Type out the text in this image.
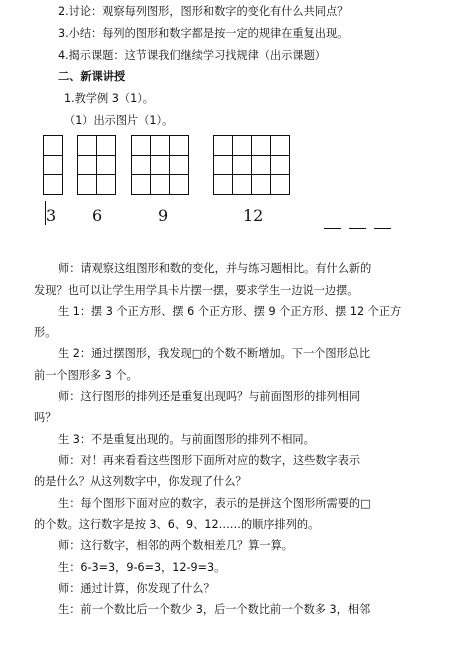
2.讨论：观察每列图形，图形和数字的变化有什么共同点？
3.小结：每列的图形和数字都是按一定的规律在重复出现。
4.揭示课题：这节课我们继续学习找规律（出示课题）
二、新课讲授
1.教学例 3（1）。
（1）出示图片（1）。
3 6	9	12
师：请观察这组图形和数的变化，并与练习题相比。有什么新的
发现？也可以让学生用学具卡片摆一摆，要求学生一边说一边摆。
生 1：摆 3 个正方形、摆 6 个正方形、摆 9 个正方形、摆 12 个正方
形。
生 2：通过摆图形，我发现□的个数不断增加。下一个图形总比
前一个图形多 3 个。
师：这行图形的排列还是重复出现吗？与前面图形的排列相同
吗？
生 3：不是重复出现的。与前面图形的排列不相同。
师：对！再来看看这些图形下面所对应的数字，这些数字表示
的是什么？从这列数字中，你发现了什么？
生：每个图形下面对应的数字，表示的是拼这个图形所需要的□
的个数。这行数字是按 3、6、9、12……的顺序排列的。
师：这行数字，相邻的两个数相差几？算一算。
生：6-3=3，9-6=3，12-9=3。
师：通过计算，你发现了什么？
生：前一个数比后一个数少 3，后一个数比前一个数多 3，相邻
